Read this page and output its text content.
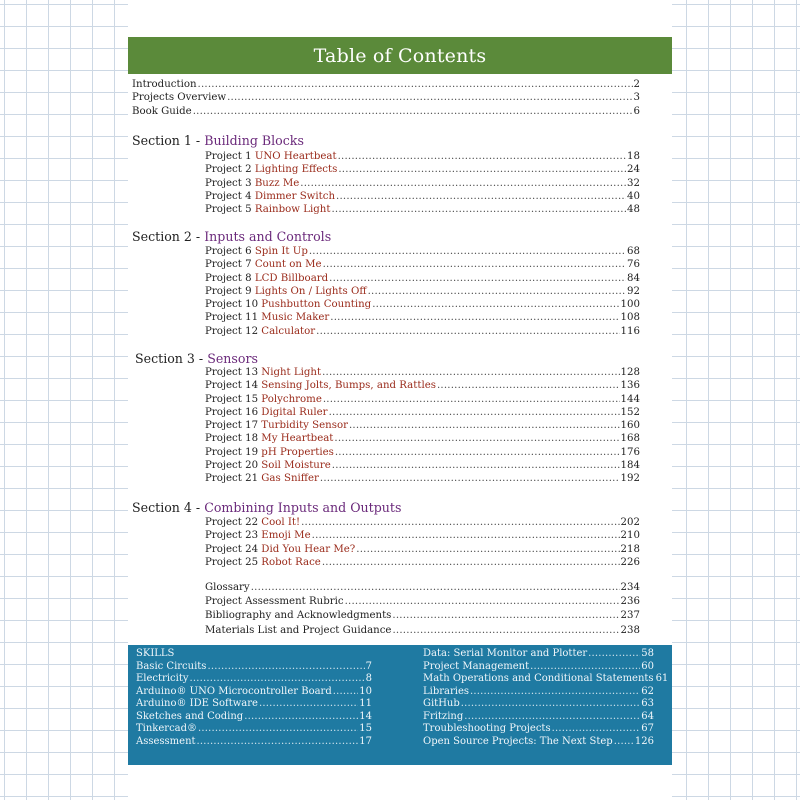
Table of Contents
Introduction .....	2
Projects Overview .....	3
Book Guide .....	6
Section 1 - Building Blocks
Project 1 UNO Heartbeat .....	18
Project 2 Lighting Effects .....	24
Project 3 Buzz Me .....	32
Project 4 Dimmer Switch .....	40
Project 5 Rainbow Light .....	48
Section 2 - Inputs and Controls
Project 6 Spin It Up .....	68
Project 7 Count on Me .....	76
Project 8 LCD Billboard .....	84
Project 9 Lights On / Lights Off .....	92
Project 10 Pushbutton Counting .....	100
Project 11 Music Maker .....	108
Project 12 Calculator .....	116
Section 3 - Sensors
Project 13 Night Light .....	128
Project 14 Sensing Jolts, Bumps, and Rattles .....	136
Project 15 Polychrome .....	144
Project 16 Digital Ruler .....	152
Project 17 Turbidity Sensor .....	160
Project 18 My Heartbeat .....	168
Project 19 pH Properties .....	176
Project 20 Soil Moisture .....	184
Project 21 Gas Sniffer .....	192
Section 4 - Combining Inputs and Outputs
Project 22 Cool It! .....	202
Project 23 Emoji Me .....	210
Project 24 Did You Hear Me? .....	218
Project 25 Robot Race .....	226
Glossary .....	234
Project Assessment Rubric .....	236
Bibliography and Acknowledgments .....	237
Materials List and Project Guidance .....	238
SKILLS
Basic Circuits .....	7
Electricity .....	8
Arduino® UNO Microcontroller Board .....	10
Arduino® IDE Software .....	11
Sketches and Coding .....	14
Tinkercad® .....	15
Assessment .....	17
Data: Serial Monitor and Plotter .....	58
Project Management .....	60
Math Operations and Conditional Statements 61
Libraries .....	62
GitHub .....	63
Fritzing .....	64
Troubleshooting Projects .....	67
Open Source Projects: The Next Step ..... 126
